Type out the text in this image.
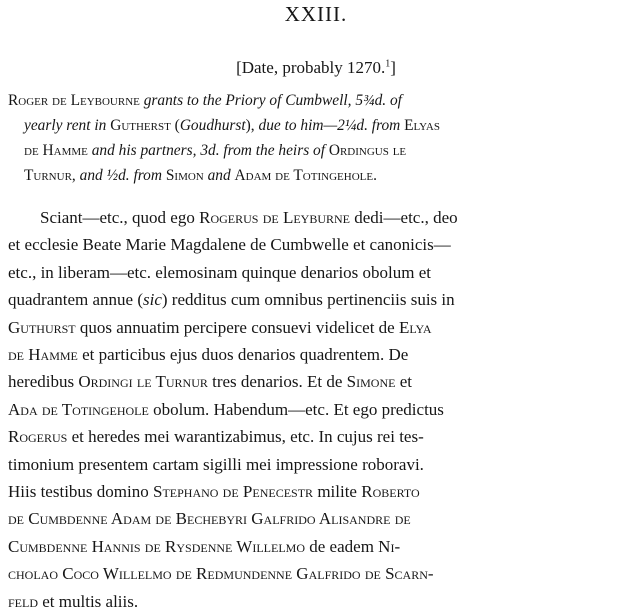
XXIII.
[Date, probably 1270.$^1$]
Roger de Leybourne grants to the Priory of Cumbwell, 5¾d. of
yearly rent in Gutherst (Goudhurst), due to him—2¼d. from Elyas
de Hamme and his partners, 3d. from the heirs of Ordingus le
Turnur, and ½d. from Simon and Adam de Totingehole.
Sciant—etc., quod ego Rogerus de Leyburne dedi—etc., deo
et ecclesie Beate Marie Magdalene de Cumbwelle et canonicis—
etc., in liberam—etc. elemosinam quinque denarios obolum et
quadrantem annue (sic) redditus cum omnibus pertinenciis suis in
Guthurst quos annuatim percipere consuevi videlicet de Elya
de Hamme et particibus ejus duos denarios quadrentem. De
heredibus Ordingi le Turnur tres denarios. Et de Simone et
Ada de Totingehole obolum. Habendum—etc. Et ego predictus
Rogerus et heredes mei warantizabimus, etc. In cujus rei tes-
timonium presentem cartam sigilli mei impressione roboravi.
Hiis testibus domino Stephano de Penecestr milite Roberto
de Cumbdenne Adam de Bechebyri Galfrido Alisandre de
Cumbdenne Hannis de Rysdenne Willelmo de eadem Ni-
cholao Coco Willelmo de Redmundenne Galfrido de Scarn-
feld et multis aliis.
